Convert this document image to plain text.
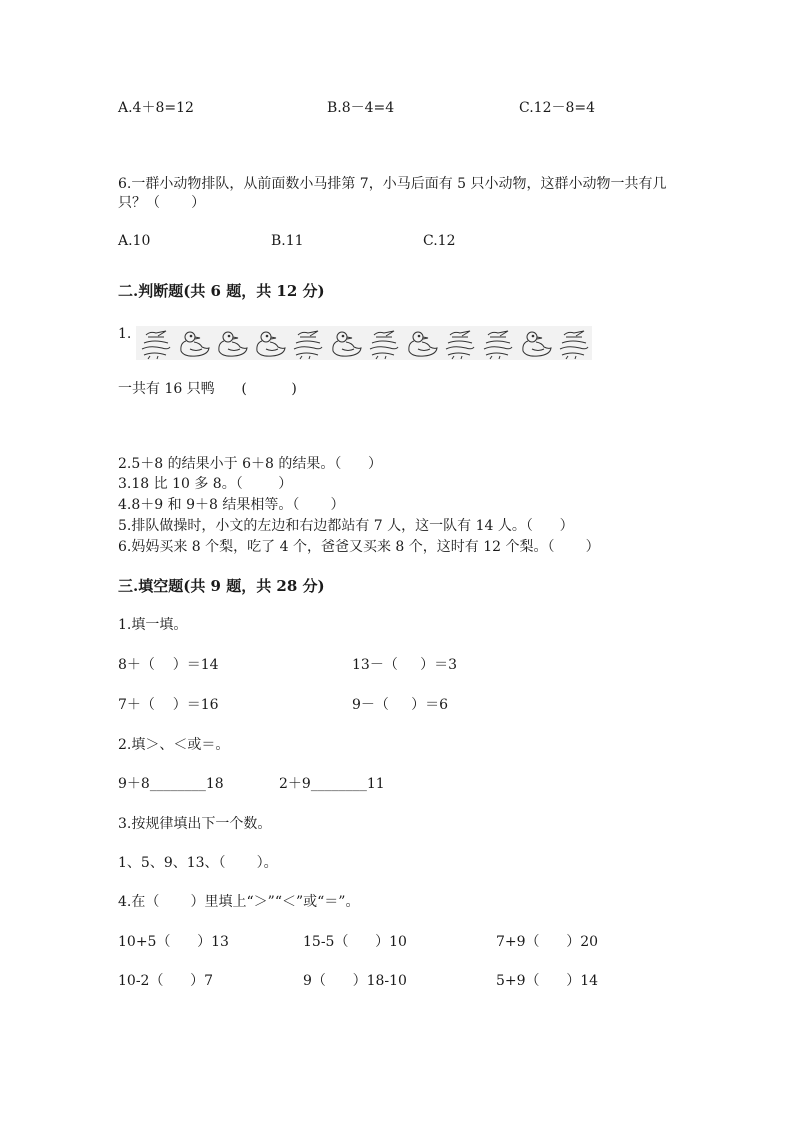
A.4＋8=12	B.8－4=4	C.12－8=4
6.一群小动物排队，从前面数小马排第 7，小马后面有 5 只小动物，这群小动物一共有几
只？（       ）
A.10	B.11	C.12
二.判断题(共 6 题，共 12 分)
1.
一共有 16 只鸭      (          )
2.5＋8 的结果小于 6＋8 的结果。（      ）
3.18 比 10 多 8。（        ）
4.8＋9 和 9＋8 结果相等。（       ）
5.排队做操时，小文的左边和右边都站有 7 人，这一队有 14 人。（      ）
6.妈妈买来 8 个梨，吃了 4 个，爸爸又买来 8 个，这时有 12 个梨。（       ）
三.填空题(共 9 题，共 28 分)
1.填一填。
8＋（    ）＝14	13－（     ）＝3
7＋（    ）＝16	9－（     ）＝6
2.填＞、＜或＝。
9＋8________18	2＋9________11
3.按规律填出下一个数。
1、5、9、13、（       ）。
4.在（       ）里填上“＞”“＜”或“＝”。
10+5（      ）13	15-5（      ）10	7+9（      ）20
10-2（      ）7	9（      ）18-10	5+9（      ）14
